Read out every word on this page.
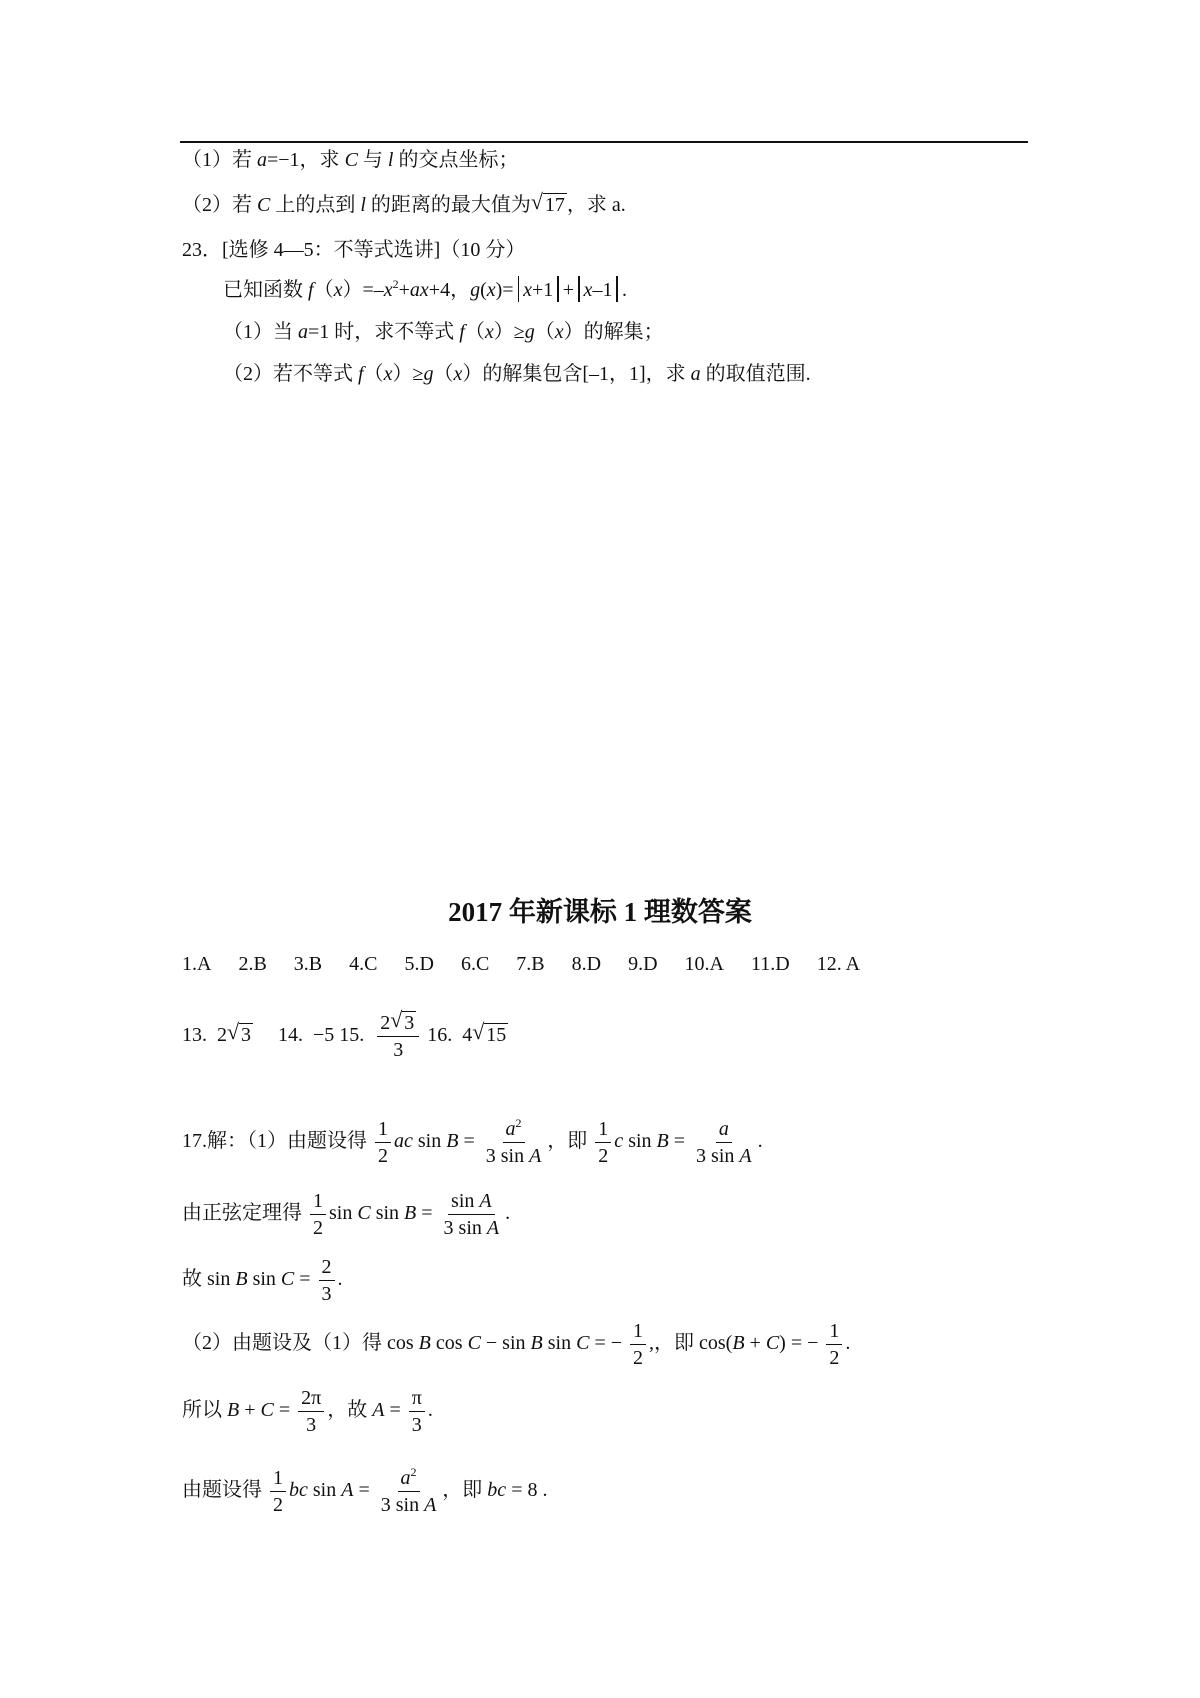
（1）若 a=−1，求 C 与 l 的交点坐标；
（2）若 C 上的点到 l 的距离的最大值为 √ 17 ，求 a.
23．[选修 4—5：不等式选讲]（10 分）
已知函数 $f(x)=-x^2+ax+4$，g(x)= x+1 + x–1 .
（1）当 a=1 时，求不等式 f（x）≥g（x）的解集；
（2）若不等式 f（x）≥g（x）的解集包含[–1，1]，求 a 的取值范围.
2017 年新课标 1 理数答案
1.A 2.B 3.B 4.C 5.D 6.C 7.B 8.D 9.D 10.A 11.D 12. A
13. 2 √ 3 14. −5 15. $\frac{2 √ 3}{3} 16$. 4 √ 15
17.解：（1）由题设得 $\frac{1}{2}$ ac $\sin B = \frac{a^2}{\text{3 sin A}}$ ，即 $\frac{1}{2}$ c $\sin B = \frac{a}{\text{3 sin A}}$ .
由正弦定理得 $\frac{1}{2}$ sin C $\sin B = \frac{\text{sin A}}{\text{3 sin A}}$ .
故 sin B $\sin C = \frac{2}{3}$ .
（2）由题设及（1）得 cos B cos C − sin B sin C = − $\frac{1}{2}$ ,，即 cos(B + C) = − $\frac{1}{2}$ .
所以 $B + C = \frac{2\pi}{3}$ ，故 $A = \frac{\pi}{3}$ .
由题设得 $\frac{1}{2}$ bc $\sin A = \frac{a^2}{\text{3 sin A}}$ ，即 bc = 8 .
